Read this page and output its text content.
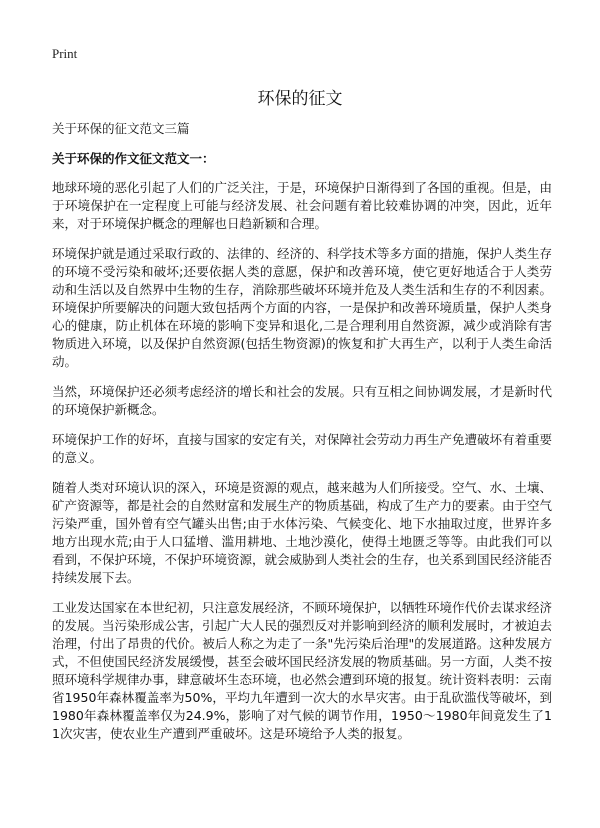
Print
环保的征文

关于环保的征文范文三篇

关于环保的作文征文范文一：

地球环境的恶化引起了人们的广泛关注，于是，环境保护日渐得到了各国的重视。但是，由于环境保护在一定程度上可能与经济发展、社会问题有着比较难协调的冲突，因此，近年来，对于环境保护概念的理解也日趋新颖和合理。

环境保护就是通过采取行政的、法律的、经济的、科学技术等多方面的措施，保护人类生存的环境不受污染和破坏;还要依据人类的意愿，保护和改善环境，使它更好地适合于人类劳动和生活以及自然界中生物的生存，消除那些破坏环境并危及人类生活和生存的不利因素。环境保护所要解决的问题大致包括两个方面的内容，一是保护和改善环境质量，保护人类身心的健康，防止机体在环境的影响下变异和退化,二是合理利用自然资源，减少或消除有害物质进入环境，以及保护自然资源(包括生物资源)的恢复和扩大再生产，以利于人类生命活动。

当然，环境保护还必须考虑经济的增长和社会的发展。只有互相之间协调发展，才是新时代的环境保护新概念。

环境保护工作的好坏，直接与国家的安定有关，对保障社会劳动力再生产免遭破坏有着重要的意义。

随着人类对环境认识的深入，环境是资源的观点，越来越为人们所接受。空气、水、土壤、矿产资源等，都是社会的自然财富和发展生产的物质基础，构成了生产力的要素。由于空气污染严重，国外曾有空气罐头出售;由于水体污染、气候变化、地下水抽取过度，世界许多地方出现水荒;由于人口猛增、滥用耕地、土地沙漠化，使得土地匮乏等等。由此我们可以看到，不保护环境，不保护环境资源，就会威胁到人类社会的生存，也关系到国民经济能否持续发展下去。

工业发达国家在本世纪初，只注意发展经济，不顾环境保护，以牺牲环境作代价去谋求经济的发展。当污染形成公害，引起广大人民的强烈反对并影响到经济的顺利发展时，才被迫去治理，付出了昂贵的代价。被后人称之为走了一条"先污染后治理"的发展道路。这种发展方式，不但使国民经济发展缓慢，甚至会破坏国民经济发展的物质基础。另一方面，人类不按照环境科学规律办事，肆意破坏生态环境，也必然会遭到环境的报复。统计资料表明：云南省1950年森林覆盖率为50%，平均九年遭到一次大的水旱灾害。由于乱砍滥伐等破坏，到1980年森林覆盖率仅为24.9%，影响了对气候的调节作用，1950～1980年间竟发生了11次灾害，使农业生产遭到严重破坏。这是环境给予人类的报复。
